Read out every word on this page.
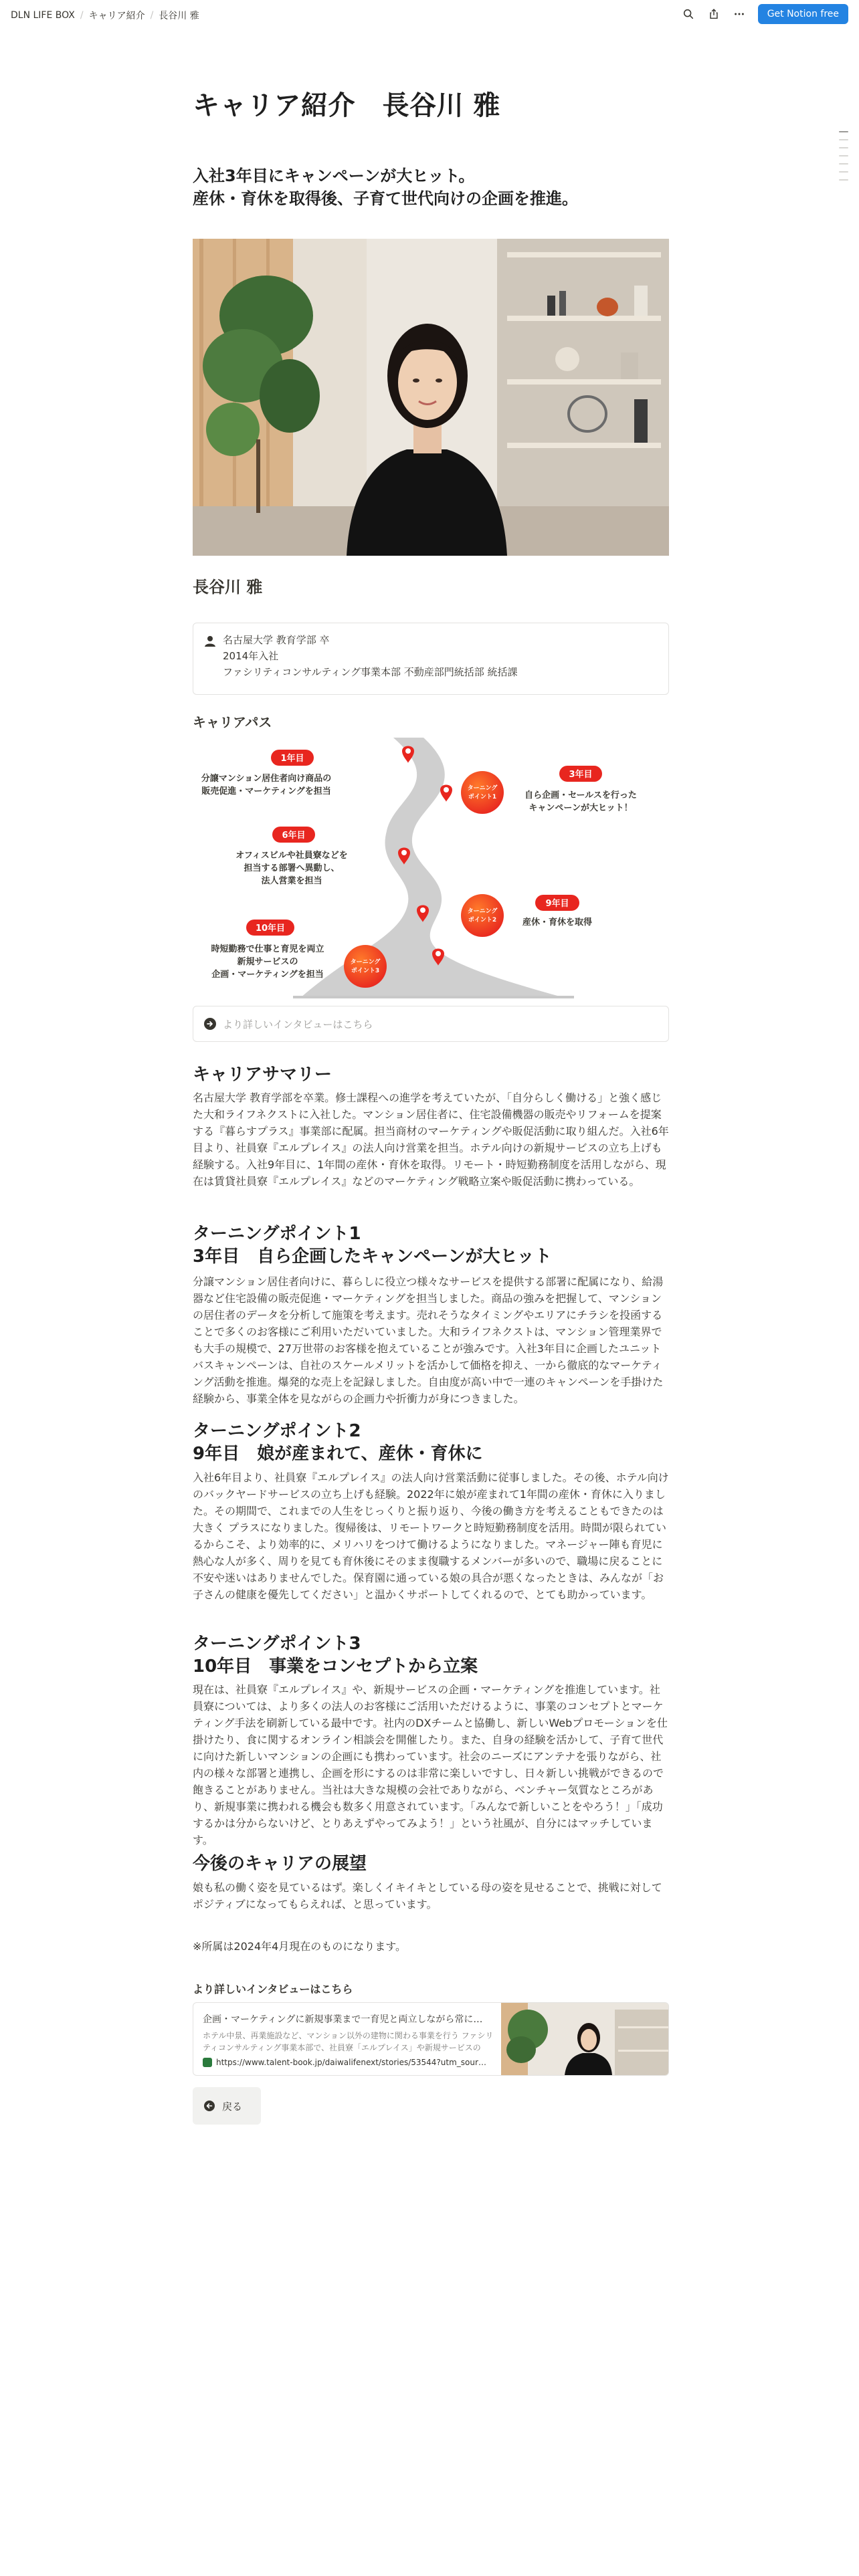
DLN LIFE BOX / キャリア紹介 / 長谷川 雅	Get Notion free
キャリア紹介　長谷川 雅
入社3年目にキャンペーンが大ヒット。
産休・育休を取得後、子育て世代向けの企画を推進。
長谷川 雅
名古屋大学 教育学部 卒
2014年入社
ファシリティコンサルティング事業本部 不動産部門統括部 統括課
キャリアパス
ターニング
ポイント1
ターニング
ポイント2
ターニング
ポイント3
1年目
分譲マンション居住者向け商品の
販売促進・マーケティングを担当
3年目
自ら企画・セールスを行った
キャンペーンが大ヒット！
6年目
オフィスビルや社員寮などを
担当する部署へ異動し、
法人営業を担当
9年目
産休・育休を取得
10年目
時短勤務で仕事と育児を両立
新規サービスの
企画・マーケティングを担当
より詳しいインタビューはこちら
キャリアサマリー
名古屋大学 教育学部を卒業。修士課程への進学を考えていたが、「自分らしく働ける」と強く感じた大和ライフネクストに入社した。マンション居住者に、住宅設備機器の販売やリフォームを提案する『暮らすプラス』事業部に配属。担当商材のマーケティングや販促活動に取り組んだ。入社6年目より、社員寮『エルプレイス』の法人向け営業を担当。ホテル向けの新規サービスの立ち上げも経験する。入社9年目に、1年間の産休・育休を取得。リモート・時短勤務制度を活用しながら、現在は賃貸社員寮『エルプレイス』などのマーケティング戦略立案や販促活動に携わっている。
ターニングポイント1
3年目　自ら企画したキャンペーンが大ヒット
分譲マンション居住者向けに、暮らしに役立つ様々なサービスを提供する部署に配属になり、給湯器など住宅設備の販売促進・マーケティングを担当しました。商品の強みを把握して、マンションの居住者のデータを分析して施策を考えます。売れそうなタイミングやエリアにチラシを投函することで多くのお客様にご利用いただいていました。大和ライフネクストは、マンション管理業界でも大手の規模で、27万世帯のお客様を抱えていることが強みです。入社3年目に企画したユニットバスキャンペーンは、自社のスケールメリットを活かして価格を抑え、一から徹底的なマーケティング活動を推進。爆発的な売上を記録しました。自由度が高い中で一連のキャンペーンを手掛けた経験から、事業全体を見ながらの企画力や折衝力が身につきました。
ターニングポイント2
9年目　娘が産まれて、産休・育休に
入社6年目より、社員寮『エルプレイス』の法人向け営業活動に従事しました。その後、ホテル向けのバックヤードサービスの立ち上げも経験。2022年に娘が産まれて1年間の産休・育休に入りました。その期間で、これまでの人生をじっくりと振り返り、今後の働き方を考えることもできたのは大きく プラスになりました。復帰後は、リモートワークと時短勤務制度を活用。時間が限られているからこそ、より効率的に、メリハリをつけて働けるようになりました。マネージャー陣も育児に熱心な人が多く、周りを見ても育休後にそのまま復職するメンバーが多いので、職場に戻ることに不安や迷いはありませんでした。保育園に通っている娘の具合が悪くなったときは、みんなが「お子さんの健康を優先してください」と温かくサポートしてくれるので、とても助かっています。
ターニングポイント3
10年目　事業をコンセプトから立案
現在は、社員寮『エルプレイス』や、新規サービスの企画・マーケティングを推進しています。社員寮については、より多くの法人のお客様にご活用いただけるように、事業のコンセプトとマーケティング手法を刷新している最中です。社内のDXチームと協働し、新しいWebプロモーションを仕掛けたり、食に関するオンライン相談会を開催したり。また、自身の経験を活かして、子育て世代に向けた新しいマンションの企画にも携わっています。社会のニーズにアンテナを張りながら、社内の様々な部署と連携し、企画を形にするのは非常に楽しいですし、日々新しい挑戦ができるので飽きることがありません。当社は大きな規模の会社でありながら、ベンチャー気質なところがあり、新規事業に携われる機会も数多く用意されています。「みんなで新しいことをやろう！」「成功するかは分からないけど、とりあえずやってみよう！」という社風が、自分にはマッチしています。
今後のキャリアの展望
娘も私の働く姿を見ているはず。楽しくイキイキとしている母の姿を見せることで、挑戦に対してポジティブになってもらえれば、と思っています。
※所属は2024年4月現在のものになります。
より詳しいインタビューはこちら
企画・マーケティングに新規事業まで一育児と両立しながら常に…
ホテル中景、再業施設など、マンション以外の建物に関わる事業を行う ファシリティコンサルティング事業本部で、社員寮「エルプレイス」や新規サービスの
https://www.talent-book.jp/daiwalifenext/stories/53544?utm_sour…
戻る
